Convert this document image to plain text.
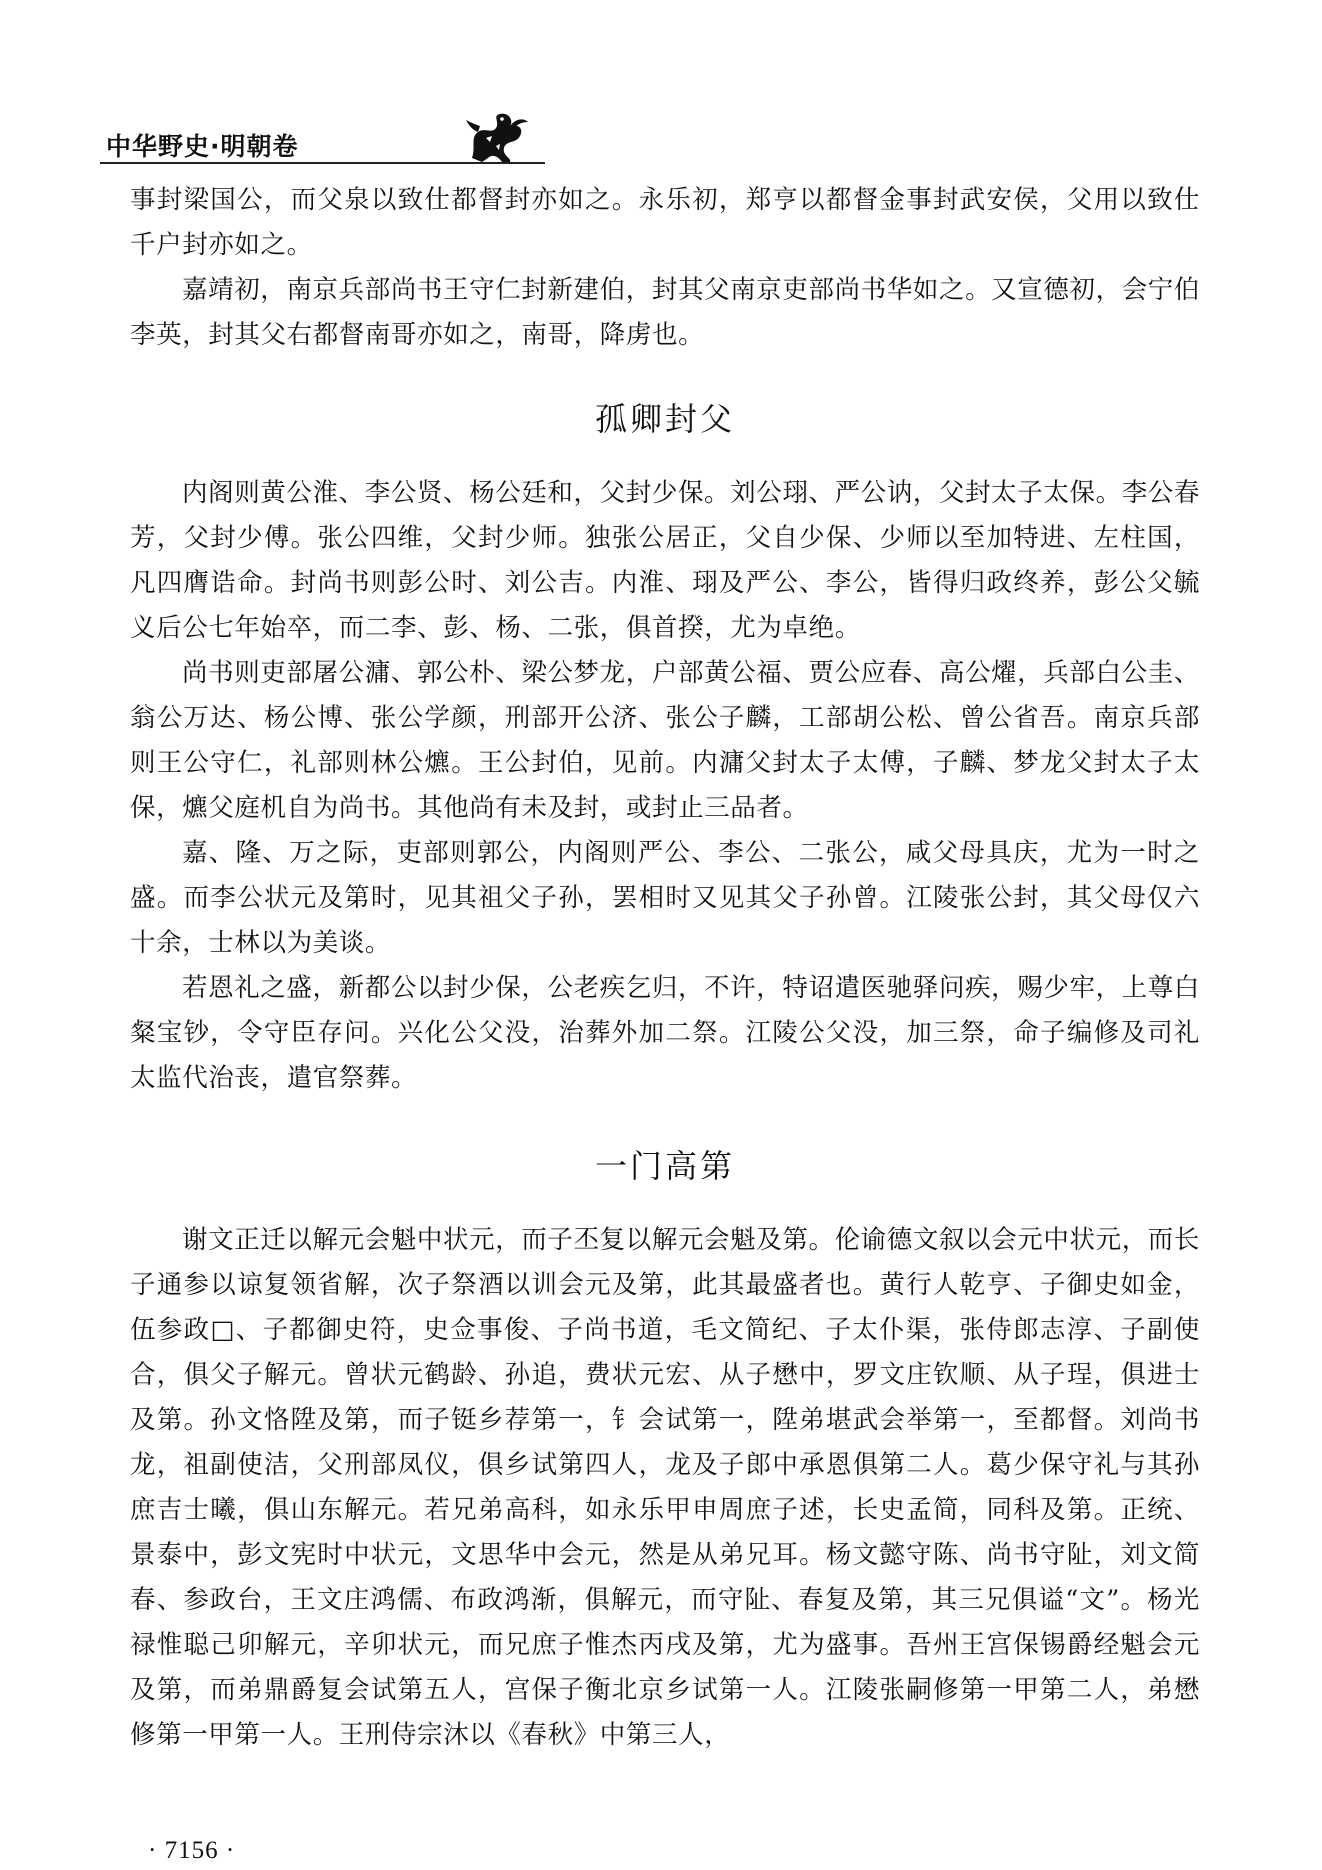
中华野史·明朝卷

事封梁国公，而父泉以致仕都督封亦如之。永乐初，郑亨以都督金事封武安侯，父用以致仕千户封亦如之。

嘉靖初，南京兵部尚书王守仁封新建伯，封其父南京吏部尚书华如之。又宣德初，会宁伯李英，封其父右都督南哥亦如之，南哥，降虏也。

孤卿封父

内阁则黄公淮、李公贤、杨公廷和，父封少保。刘公珝、严公讷，父封太子太保。李公春芳，父封少傅。张公四维，父封少师。独张公居正，父自少保、少师以至加特进、左柱国，凡四膺诰命。封尚书则彭公时、刘公吉。内淮、珝及严公、李公，皆得归政终养，彭公父毓义后公七年始卒，而二李、彭、杨、二张，俱首揆，尤为卓绝。

尚书则吏部屠公滽、郭公朴、梁公梦龙，户部黄公福、贾公应春、高公燿，兵部白公圭、翁公万达、杨公博、张公学颜，刑部开公济、张公子麟，工部胡公松、曾公省吾。南京兵部则王公守仁，礼部则林公爊。王公封伯，见前。内滽父封太子太傅，子麟、梦龙父封太子太保，爊父庭机自为尚书。其他尚有未及封，或封止三品者。

嘉、隆、万之际，吏部则郭公，内阁则严公、李公、二张公，咸父母具庆，尤为一时之盛。而李公状元及第时，见其祖父子孙，罢相时又见其父子孙曾。江陵张公封，其父母仅六十余，士林以为美谈。

若恩礼之盛，新都公以封少保，公老疾乞归，不许，特诏遣医驰驿问疾，赐少牢，上尊白粲宝钞，令守臣存问。兴化公父没，治葬外加二祭。江陵公父没，加三祭，命子编修及司礼太监代治丧，遣官祭葬。

一门高第

谢文正迁以解元会魁中状元，而子丕复以解元会魁及第。伦谕德文叙以会元中状元，而长子通参以谅复领省解，次子祭酒以训会元及第，此其最盛者也。黄行人乾亨、子御史如金，伍参政□、子都御史符，史佥事俊、子尚书道，毛文简纪、子太仆渠，张侍郎志淳、子副使合，俱父子解元。曾状元鹤龄、孙追，费状元宏、从子懋中，罗文庄钦顺、从子珵，俱进士及第。孙文恪陞及第，而子铤乡荐第一，钅会试第一，陞弟堪武会举第一，至都督。刘尚书龙，祖副使洁，父刑部凤仪，俱乡试第四人，龙及子郎中承恩俱第二人。葛少保守礼与其孙庶吉士曦，俱山东解元。若兄弟高科，如永乐甲申周庶子述，长史孟简，同科及第。正统、景泰中，彭文宪时中状元，文思华中会元，然是从弟兄耳。杨文懿守陈、尚书守阯，刘文简春、参政台，王文庄鸿儒、布政鸿渐，俱解元，而守阯、春复及第，其三兄俱谥“文”。杨光禄惟聪己卯解元，辛卯状元，而兄庶子惟杰丙戌及第，尤为盛事。吾州王宫保锡爵经魁会元及第，而弟鼎爵复会试第五人，宫保子衡北京乡试第一人。江陵张嗣修第一甲第二人，弟懋修第一甲第一人。王刑侍宗沐以《春秋》中第三人，

· 7156 ·
